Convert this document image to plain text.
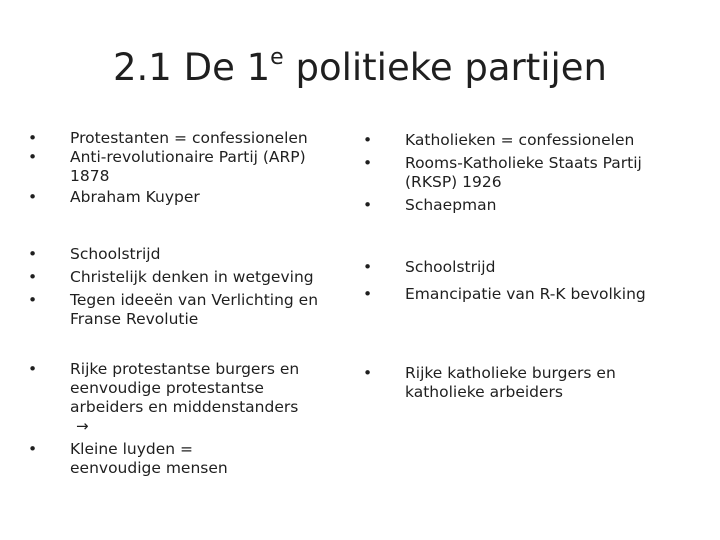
2.1 De 1e politieke partijen
• Protestanten = confessionelen
• Anti-revolutionaire Partij (ARP) 1878
• Abraham Kuyper
• Schoolstrijd
• Christelijk denken in wetgeving
• Tegen ideeën van Verlichting en Franse Revolutie
• Rijke protestantse burgers en eenvoudige protestantse arbeiders en middenstanders→
• Kleine luyden = eenvoudige mensen
• Katholieken = confessionelen
• Rooms-Katholieke Staats Partij (RKSP) 1926
• Schaepman
• Schoolstrijd
• Emancipatie van R-K bevolking
• Rijke katholieke burgers en katholieke arbeiders
